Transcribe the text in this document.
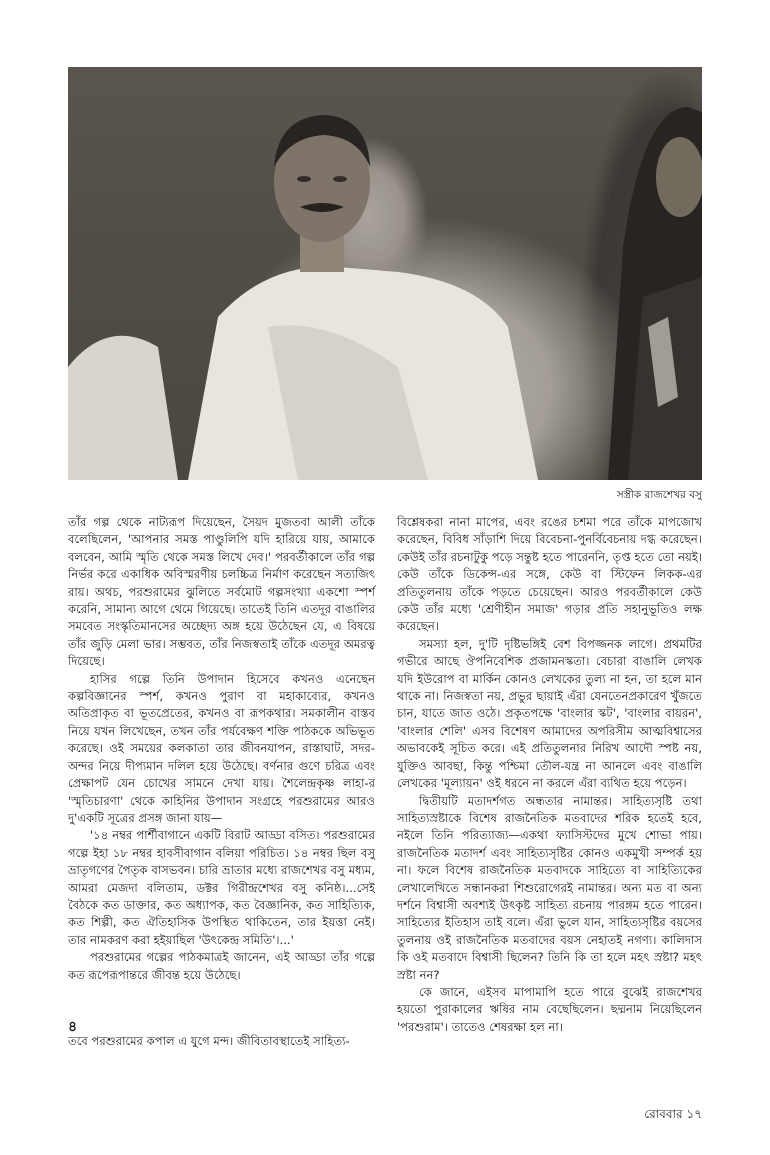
সস্ত্রীক রাজশেখর বসু

তাঁর গল্প থেকে নাট্যরূপ দিয়েছেন, সৈয়দ মুজতবা আলী তাঁকে বলেছিলেন, 'আপনার সমস্ত পাণ্ডুলিপি যদি হারিয়ে যায়, আমাকে বলবেন, আমি স্মৃতি থেকে সমস্ত লিখে দেব।' পরবর্তীকালে তাঁর গল্প নির্ভর করে একাধিক অবিস্মরণীয় চলচ্চিত্র নির্মাণ করেছেন সত্যজিৎ রায়। অথচ, পরশুরামের ঝুলিতে সর্বমোট গল্পসংখ্যা একশো স্পর্শ করেনি, সামান্য আগে থেমে গিয়েছে। তাতেই তিনি এতদূর বাঙালির সমবেত সংস্কৃতিমানসের অচ্ছেদ্য অঙ্গ হয়ে উঠেছেন যে, এ বিষয়ে তাঁর জুড়ি মেলা ভার। সম্ভবত, তাঁর নিজস্বতাই তাঁকে এতদূর অমরত্ব দিয়েছে।

হাসির গল্পে তিনি উপাদান হিসেবে কখনও এনেছেন কল্পবিজ্ঞানের স্পর্শ, কখনও পুরাণ বা মহাকাব্যের, কখনও অতিপ্রাকৃত বা ভূতপ্রেতের, কখনও বা রূপকথার। সমকালীন বাস্তব নিয়ে যখন লিখেছেন, তখন তাঁর পর্যবেক্ষণ শক্তি পাঠককে অভিভূত করেছে। ওই সময়ের কলকাতা তার জীবনযাপন, রাস্তাঘাট, সদর-অন্দর নিয়ে দীপ্যমান দলিল হয়ে উঠেছে। বর্ণনার গুণে চরিত্র এবং প্রেক্ষাপট যেন চোখের সামনে দেখা যায়। শৈলেন্দ্রকৃষ্ণ লাহা-র 'স্মৃতিচারণা' থেকে কাহিনির উপাদান সংগ্রহে পরশুরামের আরও দু'একটি সূত্রের প্রসঙ্গ জানা যায়—

'১৪ নম্বর পার্শীবাগানে একটি বিরাট আড্ডা বসিত। পরশুরামের গল্পে ইহা ১৮ নম্বর হাবসীবাগান বলিয়া পরিচিত। ১৪ নম্বর ছিল বসু ভ্রাতৃগণের পৈতৃক বাসভবন। চারি ভ্রাতার মধ্যে রাজশেখর বসু মধ্যম, আমরা মেজদা বলিতাম, ডক্টর গিরীন্দ্রশেখর বসু কনিষ্ঠ।...সেই বৈঠকে কত ডাক্তার, কত অধ্যাপক, কত বৈজ্ঞানিক, কত সাহিত্যিক, কত শিল্পী, কত ঐতিহাসিক উপস্থিত থাকিতেন, তার ইয়ত্তা নেই। তার নামকরণ করা হইয়াছিল 'উৎকেন্দ্র সমিতি'।...'

পরশুরামের গল্পের পাঠকমাত্রই জানেন, এই আড্ডা তাঁর গল্পে কত রূপেরূপান্তরে জীবন্ত হয়ে উঠেছে।

৪
তবে পরশুরামের কপাল এ যুগে মন্দ। জীবিতাবস্থাতেই সাহিত্য-

বিশ্লেষকরা নানা মাপের, এবং রঙের চশমা পরে তাঁকে মাপজোখ করেছেন, বিবিধ সাঁড়াশি দিয়ে বিবেচনা-পুনর্বিবেচনায় দগ্ধ করেছেন। কেউই তাঁর রচনাটুকু পড়ে সন্তুষ্ট হতে পারেননি, তৃপ্ত হতে তো নয়ই। কেউ তাঁকে ডিকেন্স-এর সঙ্গে, কেউ বা স্টিফেন লিকক-এর প্রতিতুলনায় তাঁকে পড়তে চেয়েছেন। আরও পরবর্তীকালে কেউ কেউ তাঁর মধ্যে 'শ্রেণীহীন সমাজ' গড়ার প্রতি সহানুভূতিও লক্ষ করেছেন।

সমস্যা হল, দু'টি দৃষ্টিভঙ্গিই বেশ বিপজ্জনক লাগে। প্রথমটির গভীরে আছে ঔপনিবেশিক প্রজামনস্কতা। বেচারা বাঙালি লেখক যদি ইউরোপ বা মার্কিন কোনও লেখকের তুল্য না হন, তা হলে মান থাকে না। নিজস্বতা নয়, প্রভুর ছায়াই এঁরা যেনতেনপ্রকারেণ খুঁজতে চান, যাতে জাত ওঠে। প্রকৃতপক্ষে 'বাংলার স্কট', 'বাংলার বায়রন', 'বাংলার শেলি' এসব বিশেষণ আমাদের অপরিসীম আত্মবিশ্বাসের অভাবকেই সূচিত করে। এই প্রতিতুলনার নিরিখ আদৌ স্পষ্ট নয়, যুক্তিও আবছা, কিন্তু পশ্চিমা তৌল-যন্ত্র না আনলে এবং বাঙালি লেখকের 'মূল্যায়ন' ওই ধরনে না করলে এঁরা ব্যথিত হয়ে পড়েন।

দ্বিতীয়টি মতাদর্শগত অন্ধতার নামান্তর। সাহিত্যসৃষ্টি তথা সাহিত্যস্রষ্টাকে বিশেষ রাজনৈতিক মতবাদের শরিক হতেই হবে, নইলে তিনি পরিত্যাজ্য—একথা ফ্যাসিস্টদের মুখে শোভা পায়। রাজনৈতিক মতাদর্শ এবং সাহিত্যসৃষ্টির কোনও একমুখী সম্পর্ক হয় না। ফলে বিশেষ রাজনৈতিক মতবাদকে সাহিত্যে বা সাহিত্যিকের লেখালেখিতে সন্ধানকরা শিশুরোগেরই নামান্তর। অন্য মত বা অন্য দর্শনে বিশ্বাসী অবশ্যই উৎকৃষ্ট সাহিত্য রচনায় পারঙ্গম হতে পারেন। সাহিত্যের ইতিহাস তাই বলে। এঁরা ভুলে যান, সাহিত্যসৃষ্টির বয়সের তুলনায় ওই রাজনৈতিক মতবাদের বয়স নেহাতই নগণ্য। কালিদাস কি ওই মতবাদে বিশ্বাসী ছিলেন? তিনি কি তা হলে মহৎ স্রষ্টা? মহৎ স্রষ্টা নন?

কে জানে, এইসব মাপামাপি হতে পারে বুঝেই রাজশেখর হয়তো পুরাকালের ঋষির নাম বেছেছিলেন। ছদ্মনাম নিয়েছিলেন 'পরশুরাম'। তাতেও শেষরক্ষা হল না।

রোববার ১৭
